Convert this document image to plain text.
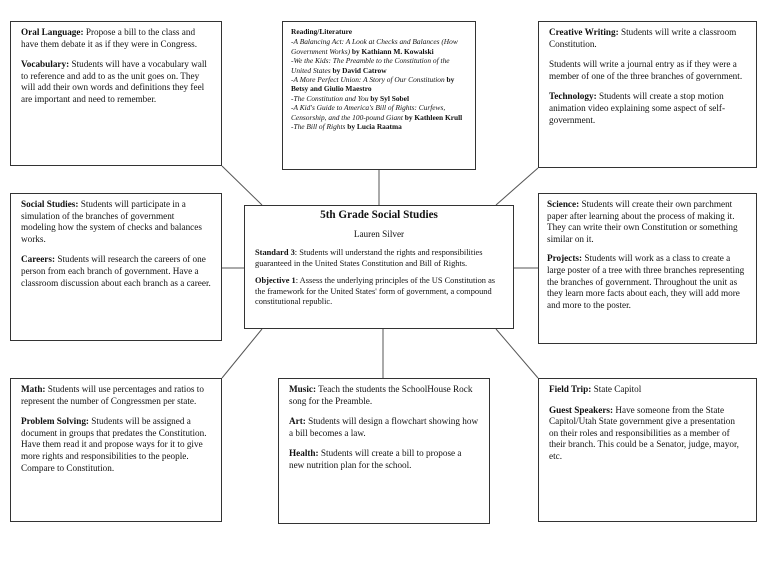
Oral Language: Propose a bill to the class and have them debate it as if they were in Congress.

Vocabulary: Students will have a vocabulary wall to reference and add to as the unit goes on. They will add their own words and definitions they feel are important and need to remember.

Reading/Literature
-A Balancing Act: A Look at Checks and Balances (How Government Works) by Kathiann M. Kowalski
-We the Kids: The Preamble to the Constitution of the United States by David Catrow
-A More Perfect Union: A Story of Our Constitution by Betsy and Giulio Maestro
-The Constitution and You by Syl Sobel
-A Kid's Guide to America's Bill of Rights: Curfews, Censorship, and the 100-pound Giant by Kathleen Krull
-The Bill of Rights by Lucia Raatma

Creative Writing: Students will write a classroom Constitution.

Students will write a journal entry as if they were a member of one of the three branches of government.

Technology: Students will create a stop motion animation video explaining some aspect of self-government.

Social Studies: Students will participate in a simulation of the branches of government modeling how the system of checks and balances works.

Careers: Students will research the careers of one person from each branch of government. Have a classroom discussion about each branch as a career.

5th Grade Social Studies

Lauren Silver

Standard 3: Students will understand the rights and responsibilities guaranteed in the United States Constitution and Bill of Rights.

Objective 1: Assess the underlying principles of the US Constitution as the framework for the United States' form of government, a compound constitutional republic.

Science: Students will create their own parchment paper after learning about the process of making it. They can write their own Constitution or something similar on it.

Projects: Students will work as a class to create a large poster of a tree with three branches representing the branches of government. Throughout the unit as they learn more facts about each, they will add more and more to the poster.

Math: Students will use percentages and ratios to represent the number of Congressmen per state.

Problem Solving: Students will be assigned a document in groups that predates the Constitution. Have them read it and propose ways for it to give more rights and responsibilities to the people. Compare to Constitution.

Music: Teach the students the SchoolHouse Rock song for the Preamble.

Art: Students will design a flowchart showing how a bill becomes a law.

Health: Students will create a bill to propose a new nutrition plan for the school.

Field Trip: State Capitol

Guest Speakers: Have someone from the State Capitol/Utah State government give a presentation on their roles and responsibilities as a member of their branch. This could be a Senator, judge, mayor, etc.
